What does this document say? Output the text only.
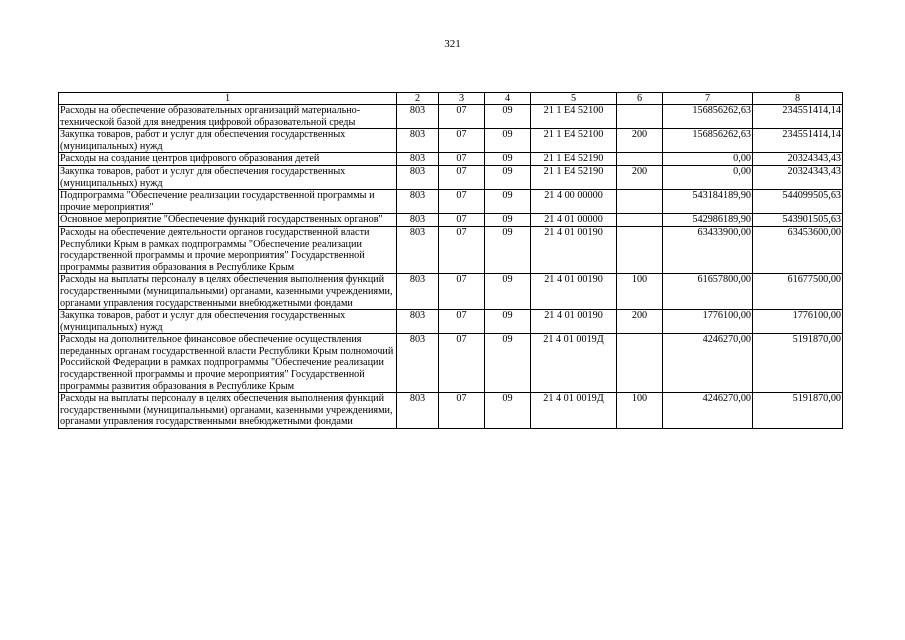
321
1	2	3	4	5	6	7	8
Расходы на обеспечение образовательных организаций материально-технической базой для внедрения цифровой образовательной среды	803	07	09	21 1 Е4 52100		156856262,63	234551414,14
Закупка товаров, работ и услуг для обеспечения государственных (муниципальных) нужд	803	07	09	21 1 Е4 52100	200	156856262,63	234551414,14
Расходы на создание центров цифрового образования детей	803	07	09	21 1 Е4 52190		0,00	20324343,43
Закупка товаров, работ и услуг для обеспечения государственных (муниципальных) нужд	803	07	09	21 1 Е4 52190	200	0,00	20324343,43
Подпрограмма "Обеспечение реализации государственной программы и прочие мероприятия"	803	07	09	21 4 00 00000		543184189,90	544099505,63
Основное мероприятие "Обеспечение функций государственных органов"	803	07	09	21 4 01 00000		542986189,90	543901505,63
Расходы на обеспечение деятельности органов государственной власти Республики Крым в рамках подпрограммы "Обеспечение реализации государственной программы и прочие мероприятия" Государственной программы развития образования в Республике Крым	803	07	09	21 4 01 00190		63433900,00	63453600,00
Расходы на выплаты персоналу в целях обеспечения выполнения функций государственными (муниципальными) органами, казенными учреждениями, органами управления государственными внебюджетными фондами	803	07	09	21 4 01 00190	100	61657800,00	61677500,00
Закупка товаров, работ и услуг для обеспечения государственных (муниципальных) нужд	803	07	09	21 4 01 00190	200	1776100,00	1776100,00
Расходы на дополнительное финансовое обеспечение осуществления переданных органам государственной власти Республики Крым полномочий Российской Федерации в рамках подпрограммы "Обеспечение реализации государственной программы и прочие мероприятия" Государственной программы развития образования в Республике Крым	803	07	09	21 4 01 0019Д		4246270,00	5191870,00
Расходы на выплаты персоналу в целях обеспечения выполнения функций государственными (муниципальными) органами, казенными учреждениями, органами управления государственными внебюджетными фондами	803	07	09	21 4 01 0019Д	100	4246270,00	5191870,00
